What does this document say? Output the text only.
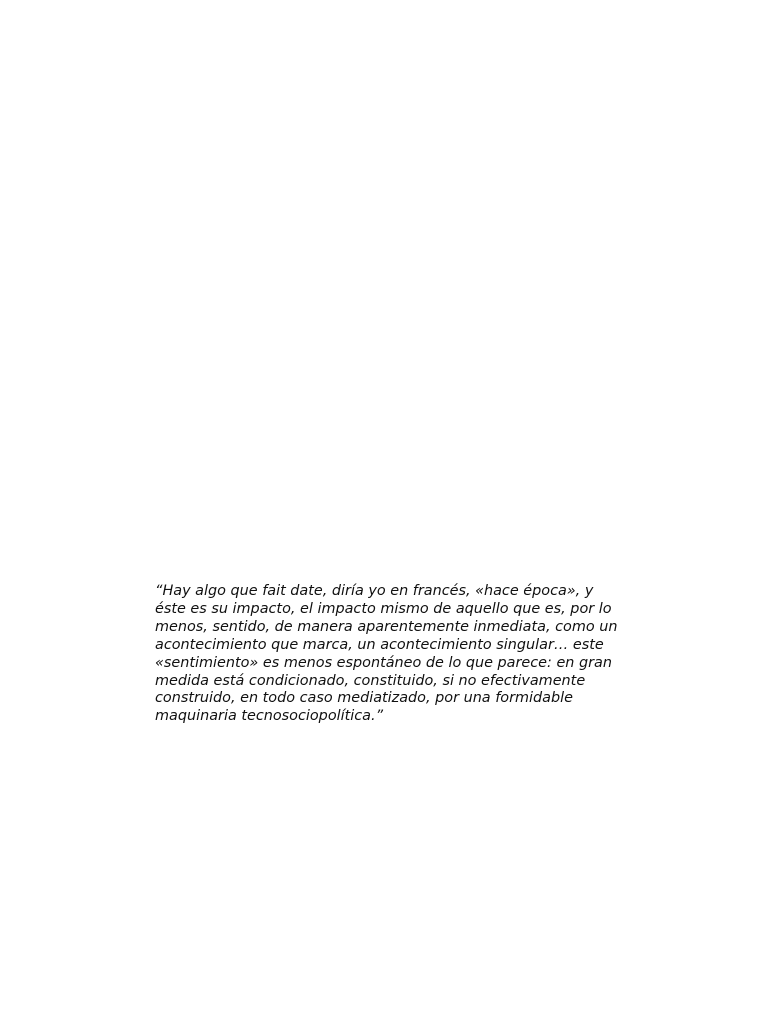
“Hay algo que fait date, diría yo en francés, «hace época», y
éste es su impacto, el impacto mismo de aquello que es, por lo
menos, sentido, de manera aparentemente inmediata, como un
acontecimiento que marca, un acontecimiento singular… este
«sentimiento» es menos espontáneo de lo que parece: en gran
medida está condicionado, constituido, si no efectivamente
construido, en todo caso mediatizado, por una formidable
maquinaria tecnosociopolítica.”
